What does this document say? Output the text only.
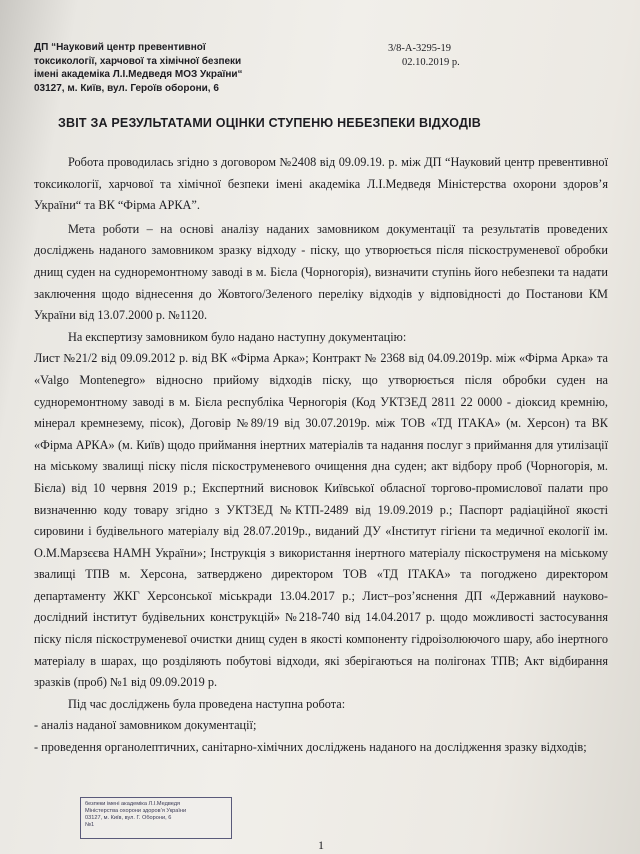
ДП “Науковий центр превентивної
токсикології, харчової та хімічної безпеки
імені академіка Л.І.Медведя МОЗ України“
03127, м. Київ, вул. Героїв оборони, 6
3/8-А-3295-19
02.10.2019 р.
ЗВІТ ЗА РЕЗУЛЬТАТАМИ ОЦІНКИ СТУПЕНЮ НЕБЕЗПЕКИ ВІДХОДІВ

Робота проводилась згідно з договором №2408 від 09.09.19. р. між ДП “Науковий центр превентивної токсикології, харчової та хімічної безпеки імені академіка Л.І.Медведя Міністерства охорони здоров’я України“ та ВК “Фірма АРКА”.

Мета роботи – на основі аналізу наданих замовником документації та результатів проведених досліджень наданого замовником зразку відходу - піску, що утворюється після піскоструменевої обробки днищ суден на судноремонтному заводі в м. Бієла (Чорногорія), визначити ступінь його небезпеки та надати заключення щодо віднесення до Жовтого/Зеленого переліку відходів у відповідності до Постанови КМ України від 13.07.2000 р. №1120.

На експертизу замовником було надано наступну документацію:

Лист №21/2 від 09.09.2012 р. від ВК «Фірма Арка»; Контракт № 2368 від 04.09.2019р. між «Фірма Арка» та «Valgo Montenegro» відносно прийому відходів піску, що утворюється після обробки суден на судноремонтному заводі в м. Бієла республіка Чернoгорія (Код УКТЗЕД 2811 22 0000 - діоксид кремнію, мінерал кремнезему, пісок), Договір №89/19 від 30.07.2019р. між ТОВ «ТД ІТАКА» (м. Херсон) та ВК «Фірма АРКА» (м. Київ) щодо приймання інертних матеріалів та надання послуг з приймання для утилізації на міському звалищі піску після піскоструменевого очищення дна суден; акт відбору проб (Чорногорія, м. Бієла) від 10 червня 2019 р.; Експертний висновок Київської обласної торгово-промислової палати про визначенню коду товару згідно з УКТЗЕД №КТП-2489 від 19.09.2019 р.; Паспорт радіаційної якості сировини і будівельного матеріалу від 28.07.2019р., виданий ДУ «Інститут гігієни та медичної екології ім. О.М.Марзєєва НАМН України»; Інструкція з використання інертного матеріалу піскоструменя на міському звалищі ТПВ м. Херсона, затверджено директором ТОВ «ТД ІТАКА» та погоджено директором департаменту ЖКГ Херсонської міськради 13.04.2017 р.; Лист–роз’яснення ДП «Державний науково-дослідний інститут будівельних конструкцій» №218-740 від 14.04.2017 р. щодо можливості застосування піску після піскоструменевої очистки днищ суден в якості компоненту гідроізолюючого шару, або інертного матеріалу в шарах, що розділяють побутові відходи, які зберігаються на полігонах ТПВ; Акт відбирання зразків (проб) №1 від 09.09.2019 р.

Під час досліджень була проведена наступна робота:

- аналіз наданої замовником документації;

- проведення органолептичних, санітарно-хімічних досліджень наданого на дослідження зразку відходів;

безпеки імені академіка Л.І.Медведя
Міністерства охорони здоров’я України
03127, м. Київ, вул. Г. Оборони, 6
№1
1
